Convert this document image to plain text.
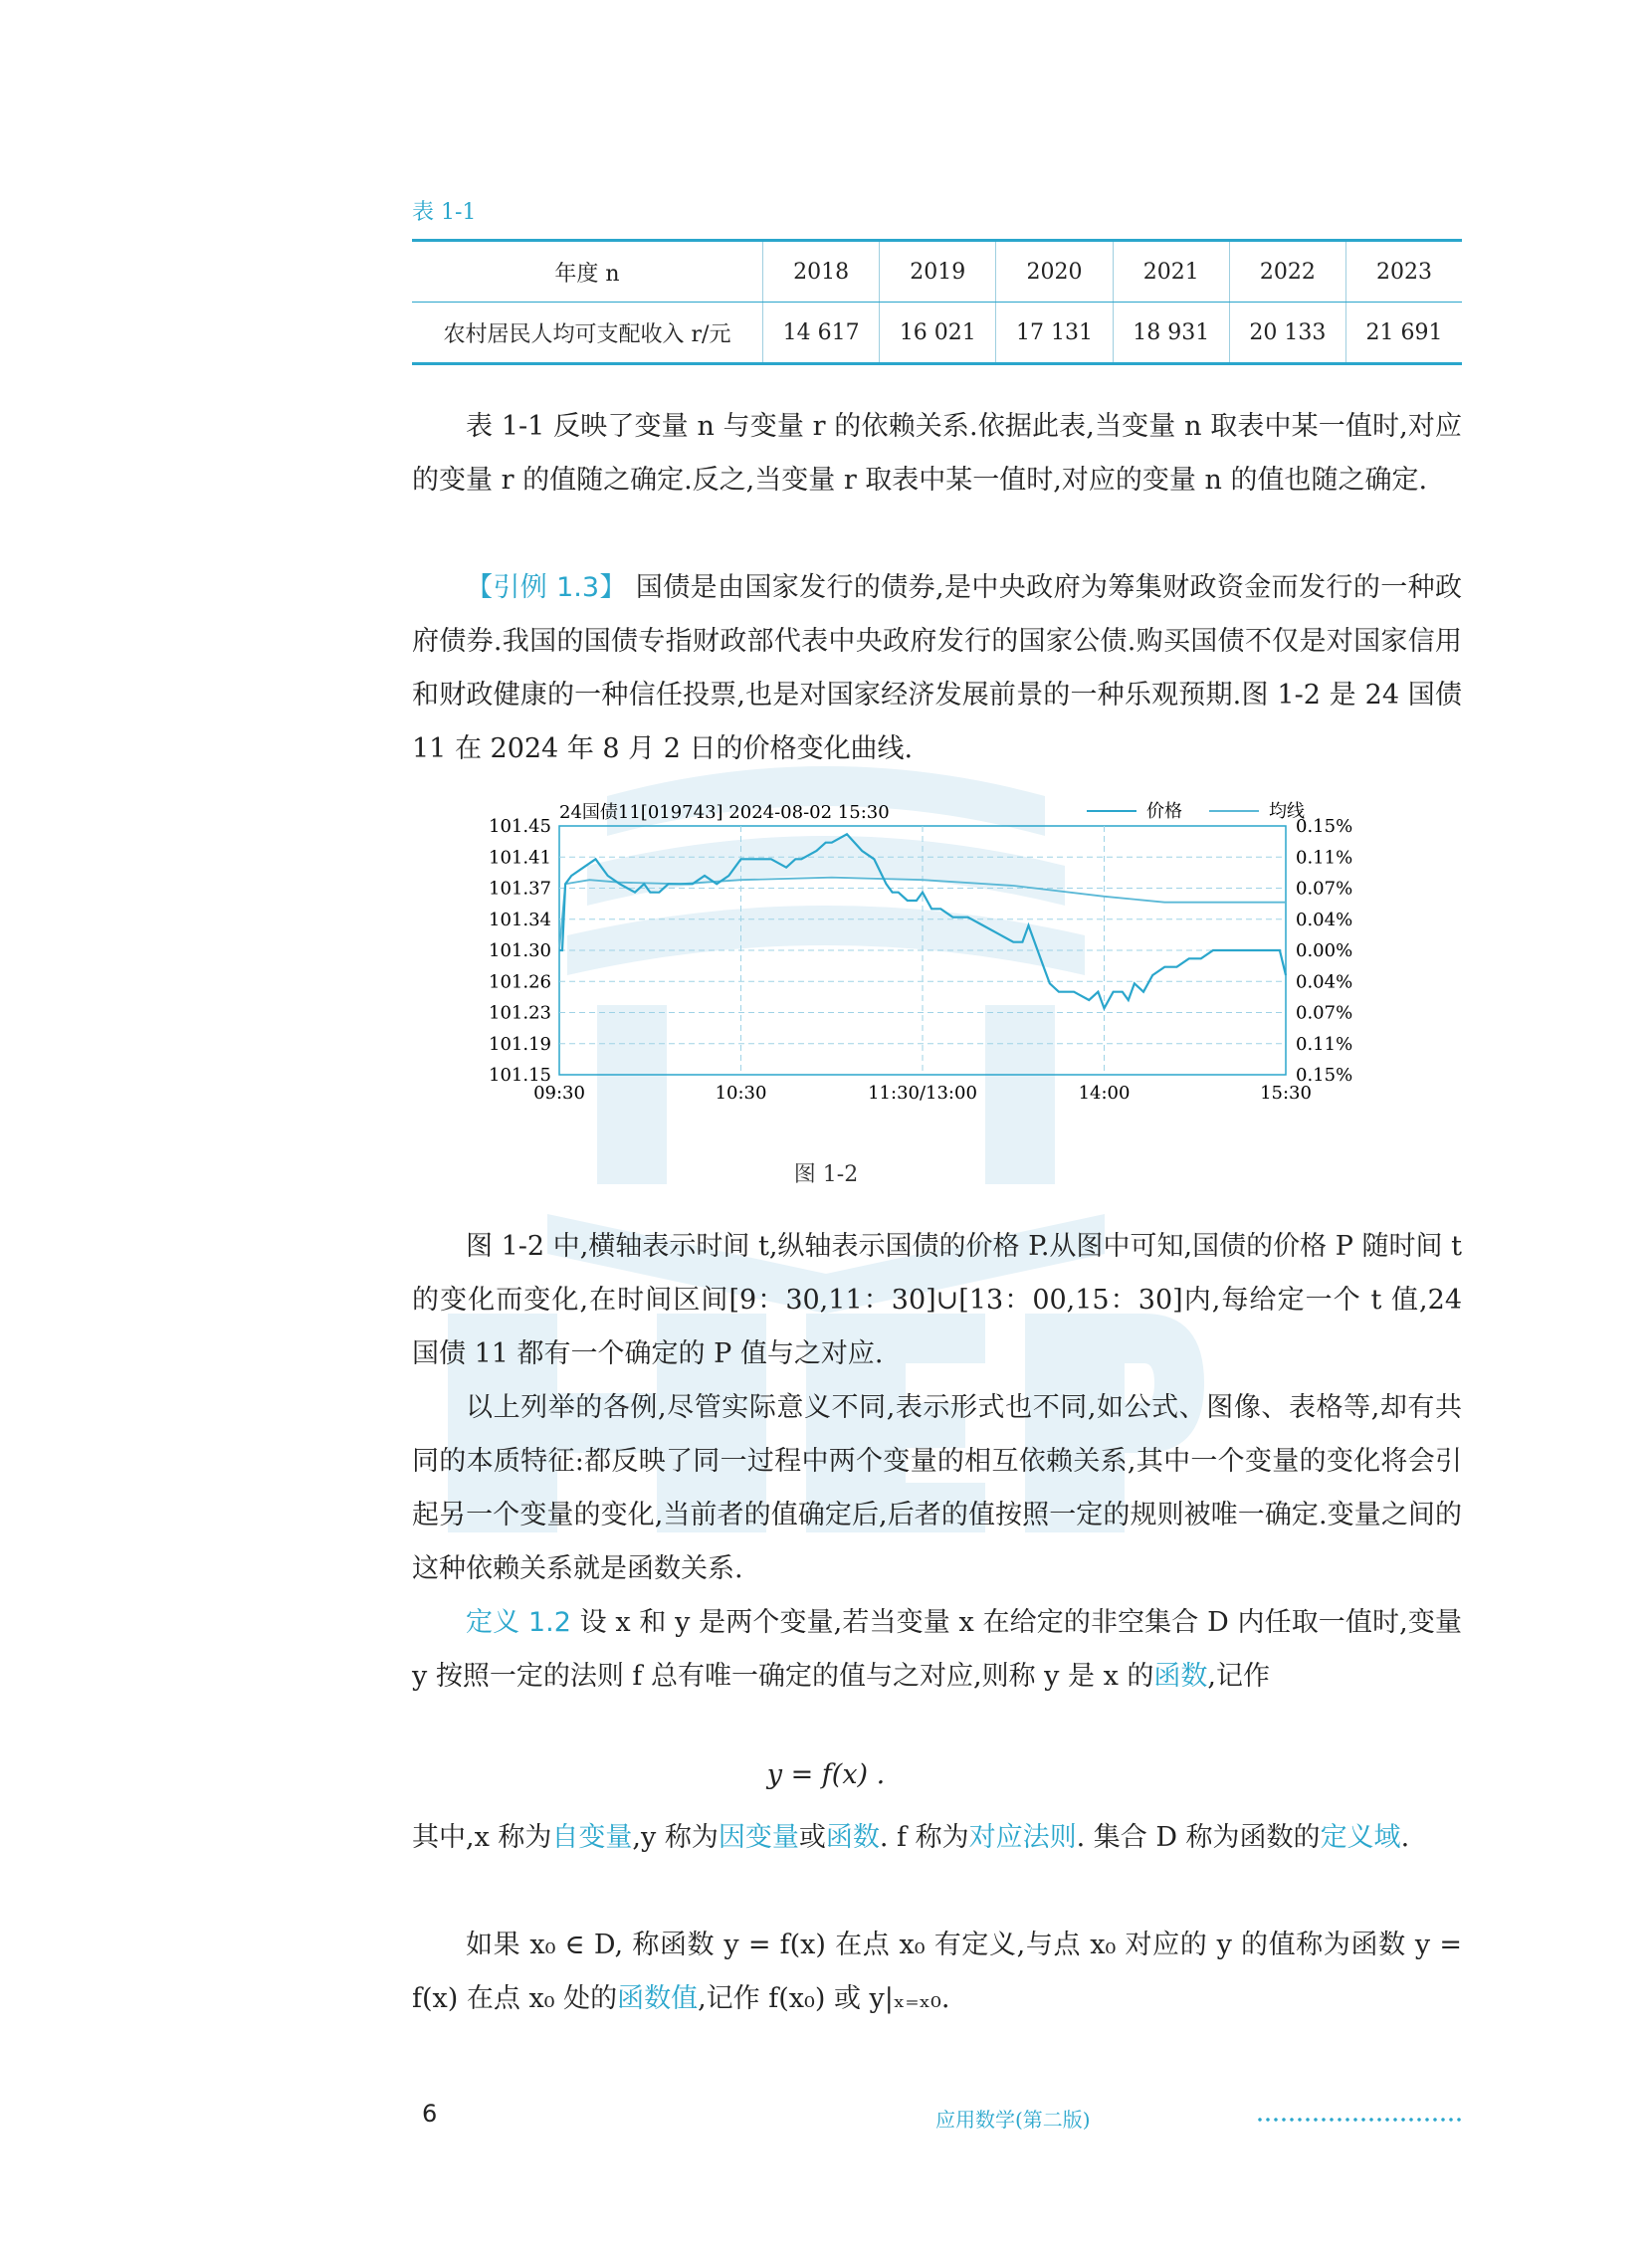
表 1-1
年度 n	2018	2019	2020	2021	2022	2023
农村居民人均可支配收入 r/元	14 617	16 021	17 131	18 931	20 133	21 691

表 1-1 反映了变量 n 与变量 r 的依赖关系.依据此表,当变量 n 取表中某一值时,对应的变量 r 的值随之确定.反之,当变量 r 取表中某一值时,对应的变量 n 的值也随之确定.

【引例 1.3】 国债是由国家发行的债券,是中央政府为筹集财政资金而发行的一种政府债券.我国的国债专指财政部代表中央政府发行的国家公债.购买国债不仅是对国家信用和财政健康的一种信任投票,也是对国家经济发展前景的一种乐观预期.图 1-2 是 24 国债 11 在 2024 年 8 月 2 日的价格变化曲线.

24国债11[019743] 2024-08-02 15:30	价格	均线
101.45
101.41
101.37
101.34
101.30
101.26
101.23
101.19
101.15
0.15%
0.11%
0.07%
0.04%
0.00%
0.04%
0.07%
0.11%
0.15%
09:30	10:30	11:30/13:00	14:00	15:30
图 1-2

图 1-2 中,横轴表示时间 t,纵轴表示国债的价格 P.从图中可知,国债的价格 P 随时间 t 的变化而变化,在时间区间[9：30,11：30]∪[13：00,15：30]内,每给定一个 t 值,24 国债 11 都有一个确定的 P 值与之对应.

以上列举的各例,尽管实际意义不同,表示形式也不同,如公式、图像、表格等,却有共同的本质特征:都反映了同一过程中两个变量的相互依赖关系,其中一个变量的变化将会引起另一个变量的变化,当前者的值确定后,后者的值按照一定的规则被唯一确定.变量之间的这种依赖关系就是函数关系.

定义 1.2 设 x 和 y 是两个变量,若当变量 x 在给定的非空集合 D 内任取一值时,变量 y 按照一定的法则 f 总有唯一确定的值与之对应,则称 y 是 x 的函数,记作

y = f(x) .

其中,x 称为自变量,y 称为因变量或函数. f 称为对应法则. 集合 D 称为函数的定义域.

如果 x₀ ∈ D, 称函数 y = f(x) 在点 x₀ 有定义,与点 x₀ 对应的 y 的值称为函数 y = f(x) 在点 x₀ 处的函数值,记作 f(x₀) 或 y|ₓ₌ₓ₀.

6	应用数学(第二版)
